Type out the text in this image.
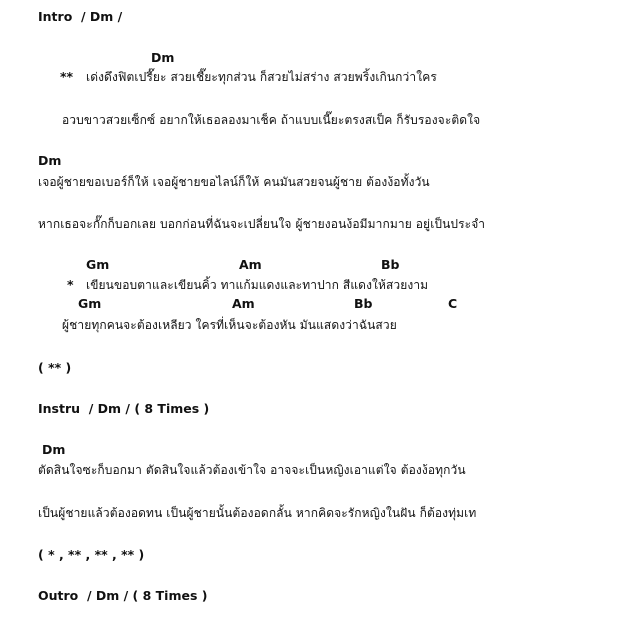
Intro  / Dm /
Dm
** เด่งดึงฟิตเปรี๊ยะ สวยเชี๊ยะทุกส่วน ก็สวยไม่สร่าง สวยพริ้งเกินกว่าใคร
อวบขาวสวยเซ็กซ์ อยากให้เธอลองมาเช็ค ถ้าแบบเนี๊ยะตรงสเป็ค ก็รับรองจะติดใจ
Dm
เจอผู้ชายขอเบอร์ก็ให้ เจอผู้ชายขอไลน์ก็ให้ คนมันสวยจนผู้ชาย ต้องง้อทั้งวัน
หากเธอจะกั๊กก็บอกเลย บอกก่อนที่ฉันจะเปลี่ยนใจ ผู้ชายงอนง้อมีมากมาย อยู่เป็นประจำ
Gm	Am	Bb
* เขียนขอบตาและเขียนคิ้ว ทาแก้มแดงและทาปาก สีแดงให้สวยงาม
Gm	Am	Bb	C
ผู้ชายทุกคนจะต้องเหลียว ใครที่เห็นจะต้องหัน มันแสดงว่าฉันสวย
( ** )
Instru  / Dm / ( 8 Times )
Dm
ตัดสินใจซะก็บอกมา ตัดสินใจแล้วต้องเข้าใจ อาจจะเป็นหญิงเอาแต่ใจ ต้องง้อทุกวัน
เป็นผู้ชายแล้วต้องอดทน เป็นผู้ชายนั้นต้องอดกลั้น หากคิดจะรักหญิงในฝัน ก็ต้องทุ่มเท
( * , ** , ** , ** )
Outro  / Dm / ( 8 Times )
